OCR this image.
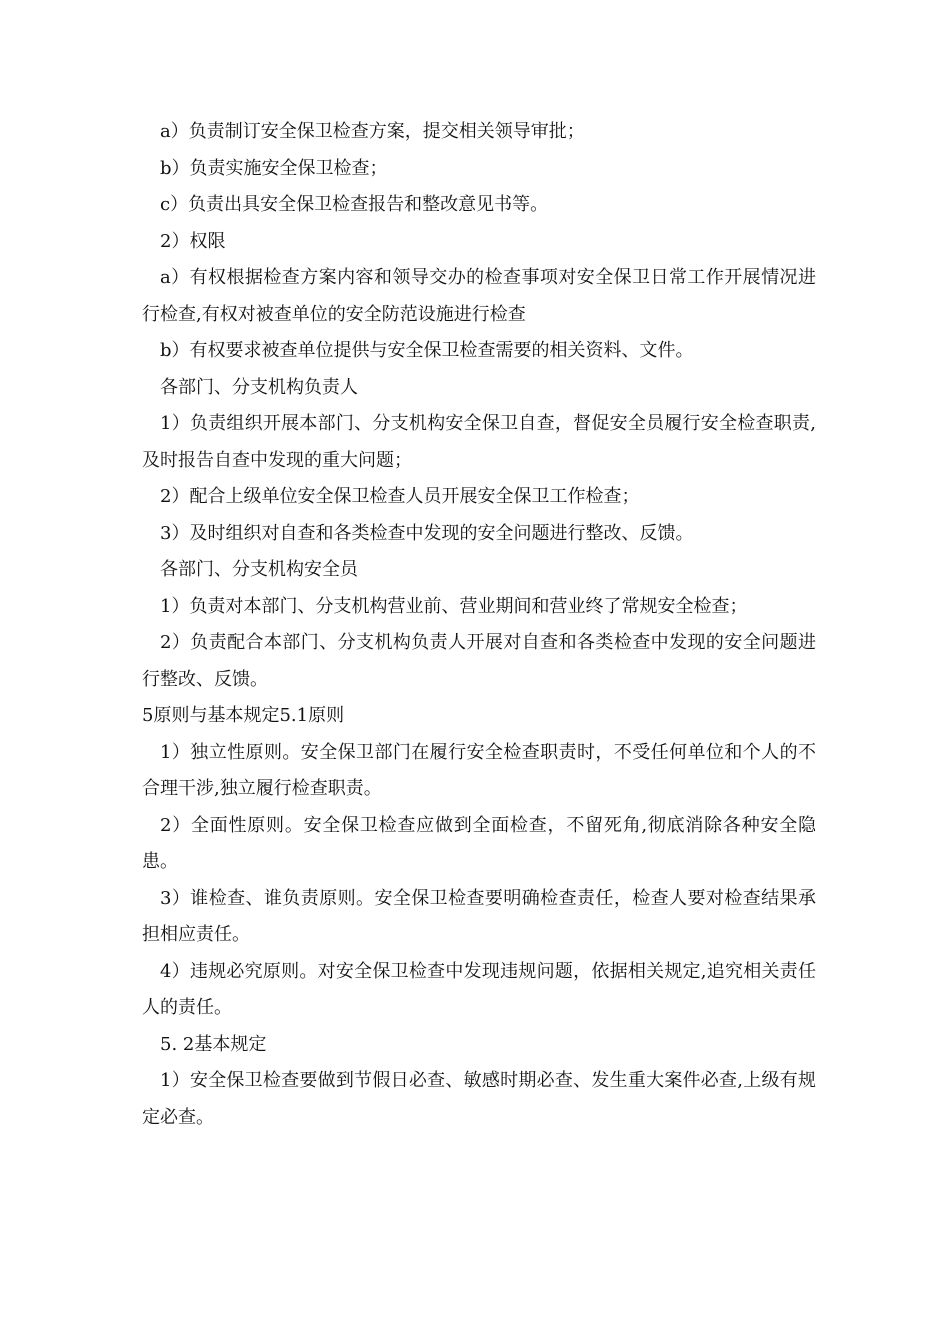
a）负责制订安全保卫检查方案，提交相关领导审批；

b）负责实施安全保卫检查；

c）负责出具安全保卫检查报告和整改意见书等。

2）权限

a）有权根据检查方案内容和领导交办的检查事项对安全保卫日常工作开展情况进行检查,有权对被查单位的安全防范设施进行检查

b）有权要求被查单位提供与安全保卫检查需要的相关资料、文件。

各部门、分支机构负责人

1）负责组织开展本部门、分支机构安全保卫自查，督促安全员履行安全检查职责,及时报告自查中发现的重大问题；

2）配合上级单位安全保卫检查人员开展安全保卫工作检查；

3）及时组织对自查和各类检查中发现的安全问题进行整改、反馈。

各部门、分支机构安全员

1）负责对本部门、分支机构营业前、营业期间和营业终了常规安全检查；

2）负责配合本部门、分支机构负责人开展对自查和各类检查中发现的安全问题进行整改、反馈。

5原则与基本规定5.1原则

1）独立性原则。安全保卫部门在履行安全检查职责时，不受任何单位和个人的不合理干涉,独立履行检查职责。

2）全面性原则。安全保卫检查应做到全面检查，不留死角,彻底消除各种安全隐患。

3）谁检查、谁负责原则。安全保卫检查要明确检查责任，检查人要对检查结果承担相应责任。

4）违规必究原则。对安全保卫检查中发现违规问题，依据相关规定,追究相关责任人的责任。

5. 2基本规定

1）安全保卫检查要做到节假日必查、敏感时期必查、发生重大案件必查,上级有规定必查。
